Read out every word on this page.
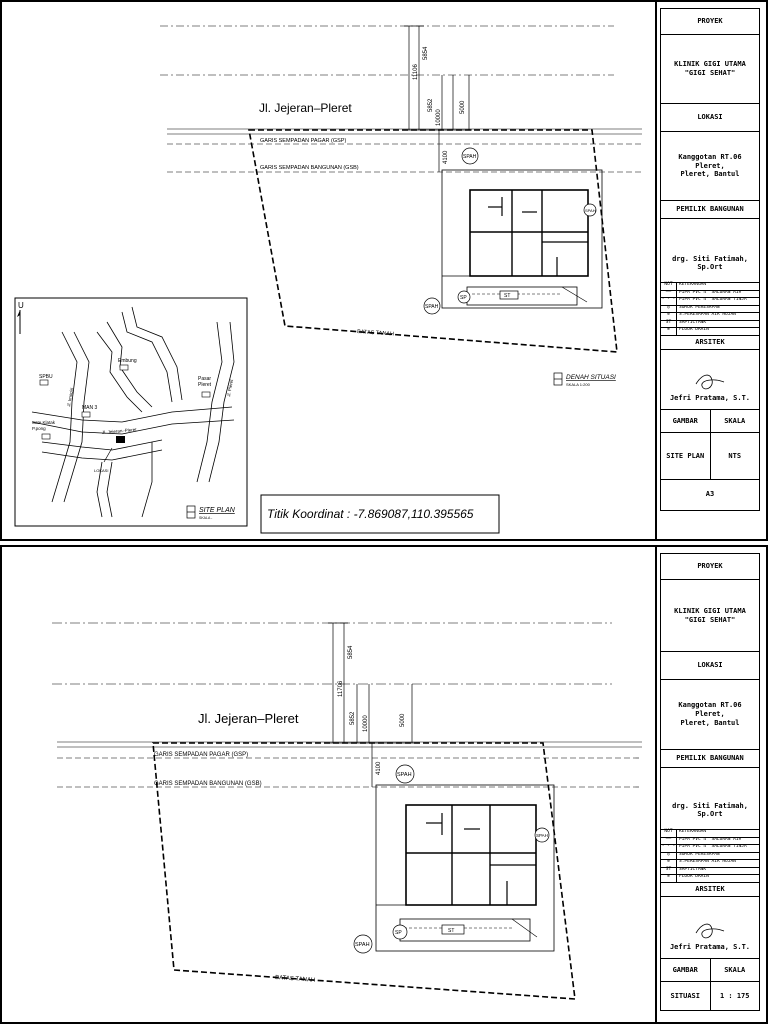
11106
5854
5852
10000
5000
4100
Jl. Jejeran–Pleret
GARIS SEMPADAN PAGAR (GSP)
GARIS SEMPADAN BANGUNAN (GSB)
BATAS TANAH
ST
SPAH
SPAH
SPAH
SP
DENAH SITUASI
SKALA 1:200
U
SPBU
Embung
Pasar Pleret
Jl. Imogiri	Jl. Pleret
MAN 3
Sate Klatak P.pong	Jl. Jejeran–Pleret
LOKASI
SITE PLAN
SKALA -	Titik Koordinat : -7.869087,110.395565
PROYEK
KLINIK GIGI UTAMA
"GIGI SEHAT"
LOKASI
Kanggotan RT.06 Pleret,
Pleret, Bantul
PEMILIK BANGUNAN
drg. Siti Fatimah, Sp.Ort
NOT	KETERANGAN
——	PIPA PVC 4" SALURAN AIR
- - - PIPA PVC 4" SALURAN TINJA
◎	SUMUR PERESAPAN
⊕	S.PERESAPAN AIR HUJAN
ST	SAPTICTANK
⊗	FLOOR DRAIN
ARSITEK
Jefri Pratama, S.T.
GAMBAR	SKALA
SITE PLAN	NTS
A3
11706
5854
5852 10000	5000
4100
Jl. Jejeran–Pleret
GARIS SEMPADAN PAGAR (GSP)
GARIS SEMPADAN BANGUNAN (GSB)
BATAS TANAH
ST
SPAH
SPAH
SPAH
SP
PROYEK
KLINIK GIGI UTAMA
"GIGI SEHAT"
LOKASI
Kanggotan RT.06 Pleret,
Pleret, Bantul
PEMILIK BANGUNAN
drg. Siti Fatimah, Sp.Ort
NOT	KETERANGAN
——	PIPA PVC 4" SALURAN AIR
- - - PIPA PVC 4" SALURAN TINJA
◎	SUMUR PERESAPAN
⊕	S.PERESAPAN AIR HUJAN
ST	SAPTICTANK
⊗	FLOOR DRAIN
ARSITEK
Jefri Pratama, S.T.
GAMBAR	SKALA
SITUASI	1 : 175
